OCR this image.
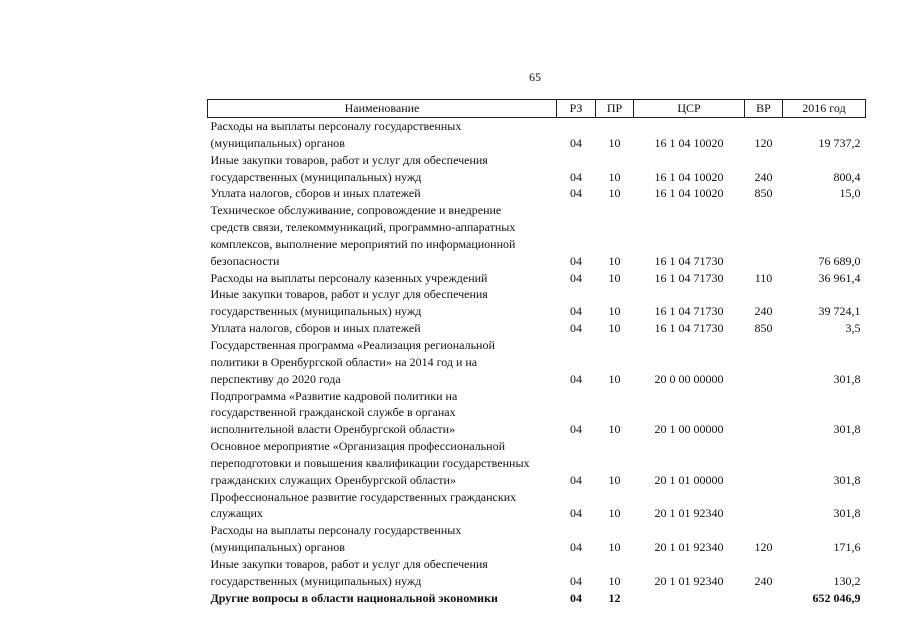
65
Наименование	РЗ	ПР	ЦСР	ВР	2016 год
Расходы на выплаты персоналу государственных
(муниципальных) органов	04	10	16 1 04 10020	120	19 737,2
Иные закупки товаров, работ и услуг для обеспечения
государственных (муниципальных) нужд	04	10	16 1 04 10020	240	800,4
Уплата налогов, сборов и иных платежей	04	10	16 1 04 10020	850	15,0
Техническое обслуживание, сопровождение и внедрение
средств связи, телекоммуникаций, программно-аппаратных
комплексов, выполнение мероприятий по информационной
безопасности	04	10	16 1 04 71730		76 689,0
Расходы на выплаты персоналу казенных учреждений	04	10	16 1 04 71730	110	36 961,4
Иные закупки товаров, работ и услуг для обеспечения
государственных (муниципальных) нужд	04	10	16 1 04 71730	240	39 724,1
Уплата налогов, сборов и иных платежей	04	10	16 1 04 71730	850	3,5
Государственная программа «Реализация региональной
политики в Оренбургской области» на 2014 год и на
перспективу до 2020 года	04	10	20 0 00 00000		301,8
Подпрограмма «Развитие кадровой политики на
государственной гражданской службе в органах
исполнительной власти Оренбургской области»	04	10	20 1 00 00000		301,8
Основное мероприятие «Организация профессиональной
переподготовки и повышения квалификации государственных
гражданских служащих Оренбургской области»	04	10	20 1 01 00000		301,8
Профессиональное развитие государственных гражданских
служащих	04	10	20 1 01 92340		301,8
Расходы на выплаты персоналу государственных
(муниципальных) органов	04	10	20 1 01 92340	120	171,6
Иные закупки товаров, работ и услуг для обеспечения
государственных (муниципальных) нужд	04	10	20 1 01 92340	240	130,2
Другие вопросы в области национальной экономики	04	12			652 046,9
